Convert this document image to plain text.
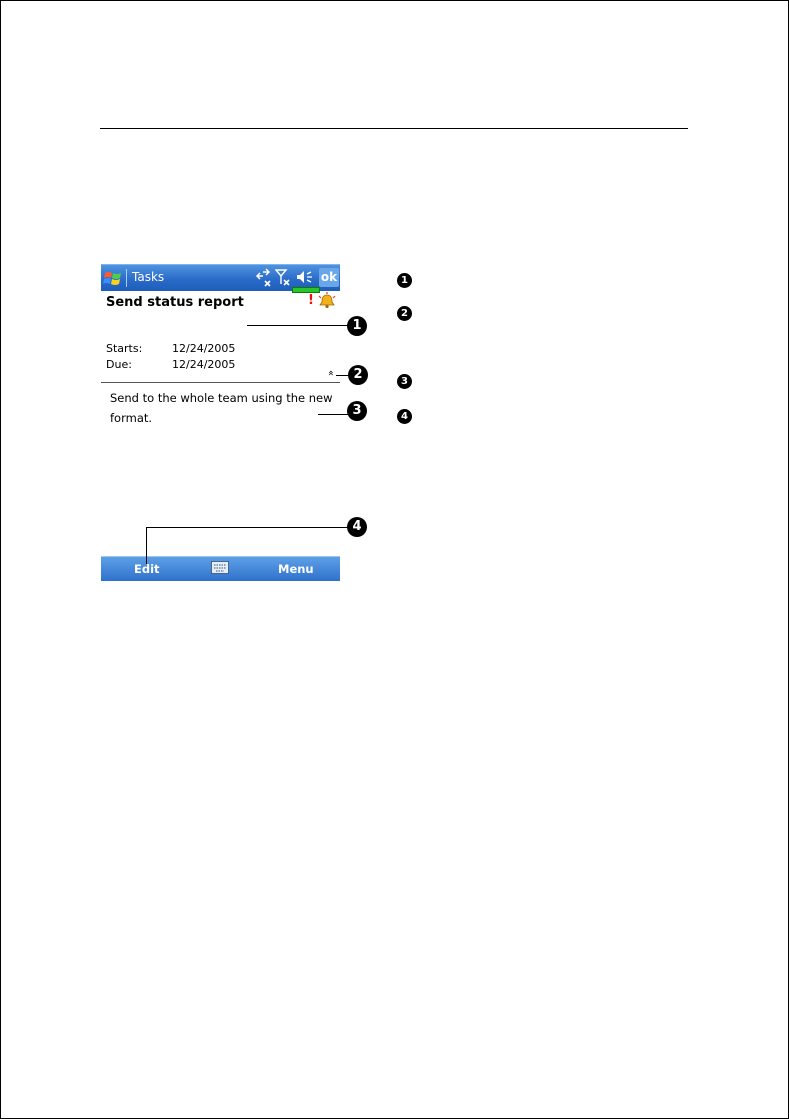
Tasks	ok
Send status report	!
Starts:	12/24/2005
Due:	12/24/2005
«
Send to the whole team using the new format.
Edit	Menu
1
2
3
4
1
2
3
4
